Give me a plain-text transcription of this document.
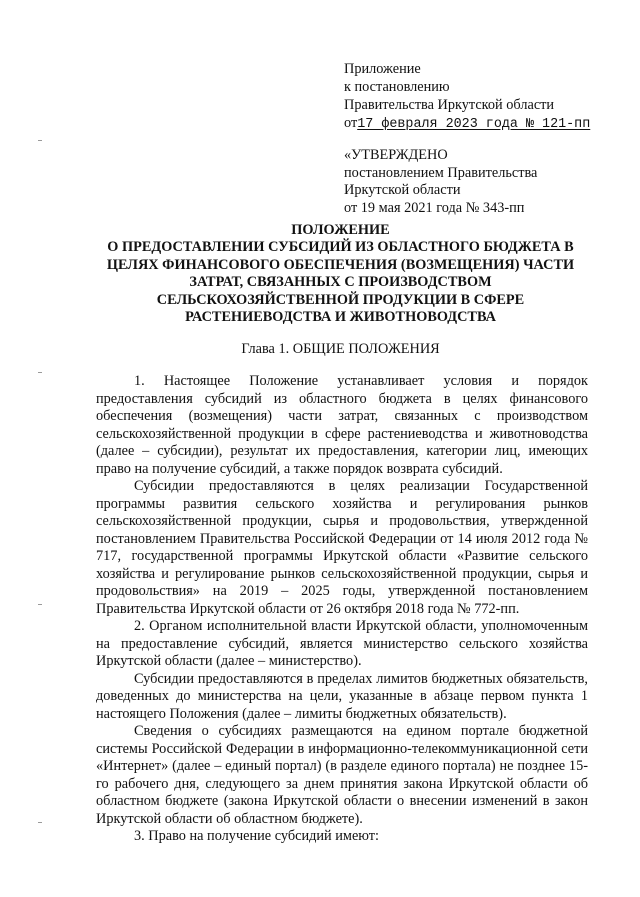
Приложение
к постановлению
Правительства Иркутской области
от17 февраля 2023 года № 121-пп
«УТВЕРЖДЕНО
постановлением Правительства
Иркутской области
от 19 мая 2021 года № 343-пп
ПОЛОЖЕНИЕ
О ПРЕДОСТАВЛЕНИИ СУБСИДИЙ ИЗ ОБЛАСТНОГО БЮДЖЕТА В
ЦЕЛЯХ ФИНАНСОВОГО ОБЕСПЕЧЕНИЯ (ВОЗМЕЩЕНИЯ) ЧАСТИ
ЗАТРАТ, СВЯЗАННЫХ С ПРОИЗВОДСТВОМ
СЕЛЬСКОХОЗЯЙСТВЕННОЙ ПРОДУКЦИИ В СФЕРЕ
РАСТЕНИЕВОДСТВА И ЖИВОТНОВОДСТВА
Глава 1. ОБЩИЕ ПОЛОЖЕНИЯ

1. Настоящее Положение устанавливает условия и порядок предоставления субсидий из областного бюджета в целях финансового обеспечения (возмещения) части затрат, связанных с производством сельскохозяйственной продукции в сфере растениеводства и животноводства (далее – субсидии), результат их предоставления, категории лиц, имеющих право на получение субсидий, а также порядок возврата субсидий.

Субсидии предоставляются в целях реализации Государственной программы развития сельского хозяйства и регулирования рынков сельскохозяйственной продукции, сырья и продовольствия, утвержденной постановлением Правительства Российской Федерации от 14 июля 2012 года № 717, государственной программы Иркутской области «Развитие сельского хозяйства и регулирование рынков сельскохозяйственной продукции, сырья и продовольствия» на 2019 – 2025 годы, утвержденной постановлением Правительства Иркутской области от 26 октября 2018 года № 772-пп.

2. Органом исполнительной власти Иркутской области, уполномоченным на предоставление субсидий, является министерство сельского хозяйства Иркутской области (далее – министерство).

Субсидии предоставляются в пределах лимитов бюджетных обязательств, доведенных до министерства на цели, указанные в абзаце первом пункта 1 настоящего Положения (далее – лимиты бюджетных обязательств).

Сведения о субсидиях размещаются на едином портале бюджетной системы Российской Федерации в информационно-телекоммуникационной сети «Интернет» (далее – единый портал) (в разделе единого портала) не позднее 15-го рабочего дня, следующего за днем принятия закона Иркутской области об областном бюджете (закона Иркутской области о внесении изменений в закон Иркутской области об областном бюджете).

3. Право на получение субсидий имеют:
